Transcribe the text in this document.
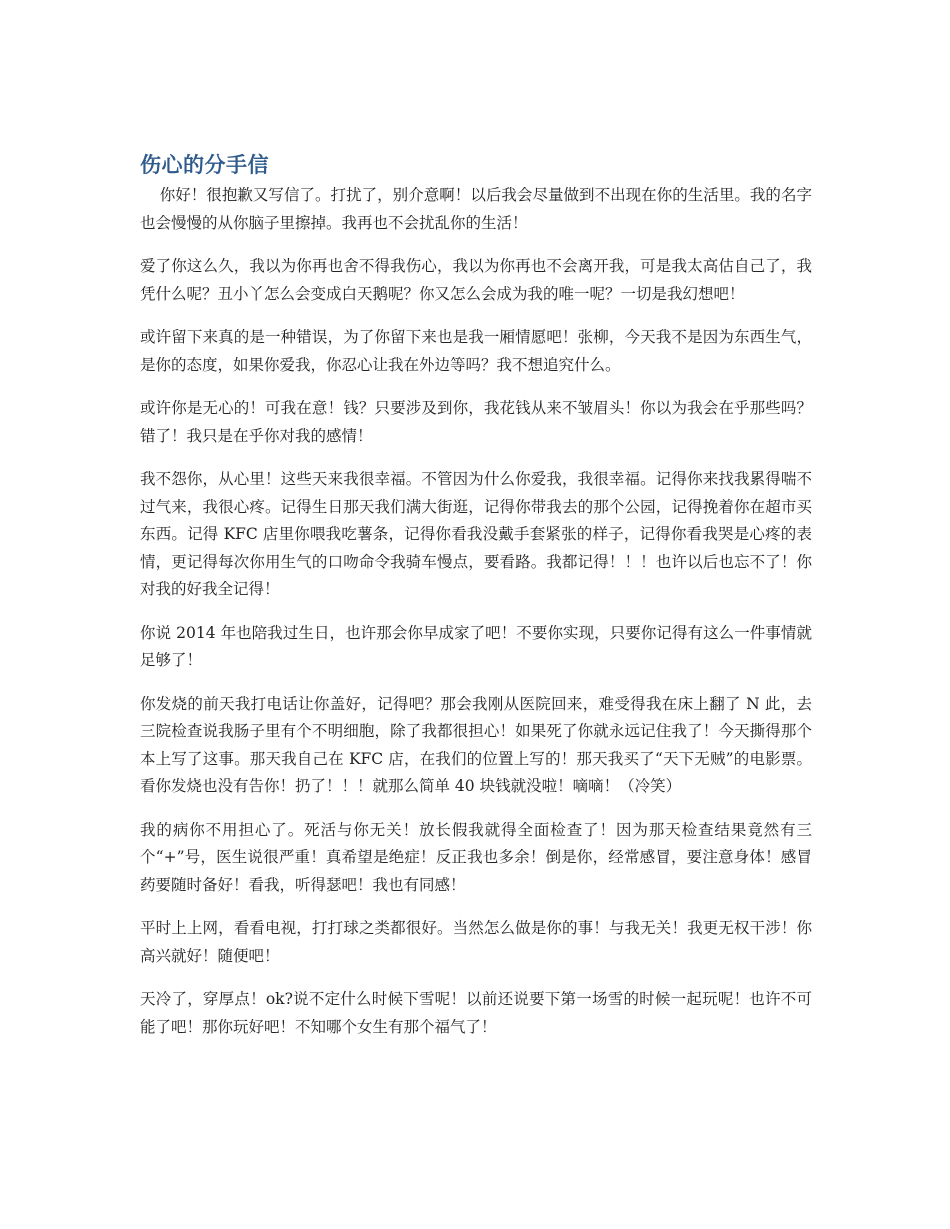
伤心的分手信

你好！很抱歉又写信了。打扰了，别介意啊！以后我会尽量做到不出现在你的生活里。我的名字也会慢慢的从你脑子里擦掉。我再也不会扰乱你的生活！

爱了你这么久，我以为你再也舍不得我伤心，我以为你再也不会离开我，可是我太高估自己了，我凭什么呢？丑小丫怎么会变成白天鹅呢？你又怎么会成为我的唯一呢？一切是我幻想吧！

或许留下来真的是一种错误，为了你留下来也是我一厢情愿吧！张柳，今天我不是因为东西生气，是你的态度，如果你爱我，你忍心让我在外边等吗？我不想追究什么。

或许你是无心的！可我在意！钱？只要涉及到你，我花钱从来不皱眉头！你以为我会在乎那些吗？错了！我只是在乎你对我的感情！

我不怨你，从心里！这些天来我很幸福。不管因为什么你爱我，我很幸福。记得你来找我累得喘不过气来，我很心疼。记得生日那天我们满大街逛，记得你带我去的那个公园，记得挽着你在超市买东西。记得 KFC 店里你喂我吃薯条，记得你看我没戴手套紧张的样子，记得你看我哭是心疼的表情，更记得每次你用生气的口吻命令我骑车慢点，要看路。我都记得！！！也许以后也忘不了！你对我的好我全记得！

你说 2014 年也陪我过生日，也许那会你早成家了吧！不要你实现，只要你记得有这么一件事情就足够了！

你发烧的前天我打电话让你盖好，记得吧？那会我刚从医院回来，难受得我在床上翻了 N 此，去三院检查说我肠子里有个不明细胞，除了我都很担心！如果死了你就永远记住我了！今天撕得那个本上写了这事。那天我自己在 KFC 店，在我们的位置上写的！那天我买了“天下无贼”的电影票。看你发烧也没有告你！扔了！！！就那么简单 40 块钱就没啦！嘀嘀！（冷笑）

我的病你不用担心了。死活与你无关！放长假我就得全面检查了！因为那天检查结果竟然有三个“+”号，医生说很严重！真希望是绝症！反正我也多余！倒是你，经常感冒，要注意身体！感冒药要随时备好！看我，听得瑟吧！我也有同感！

平时上上网，看看电视，打打球之类都很好。当然怎么做是你的事！与我无关！我更无权干涉！你高兴就好！随便吧！

天冷了，穿厚点！ok?说不定什么时候下雪呢！以前还说要下第一场雪的时候一起玩呢！也许不可能了吧！那你玩好吧！不知哪个女生有那个福气了！
